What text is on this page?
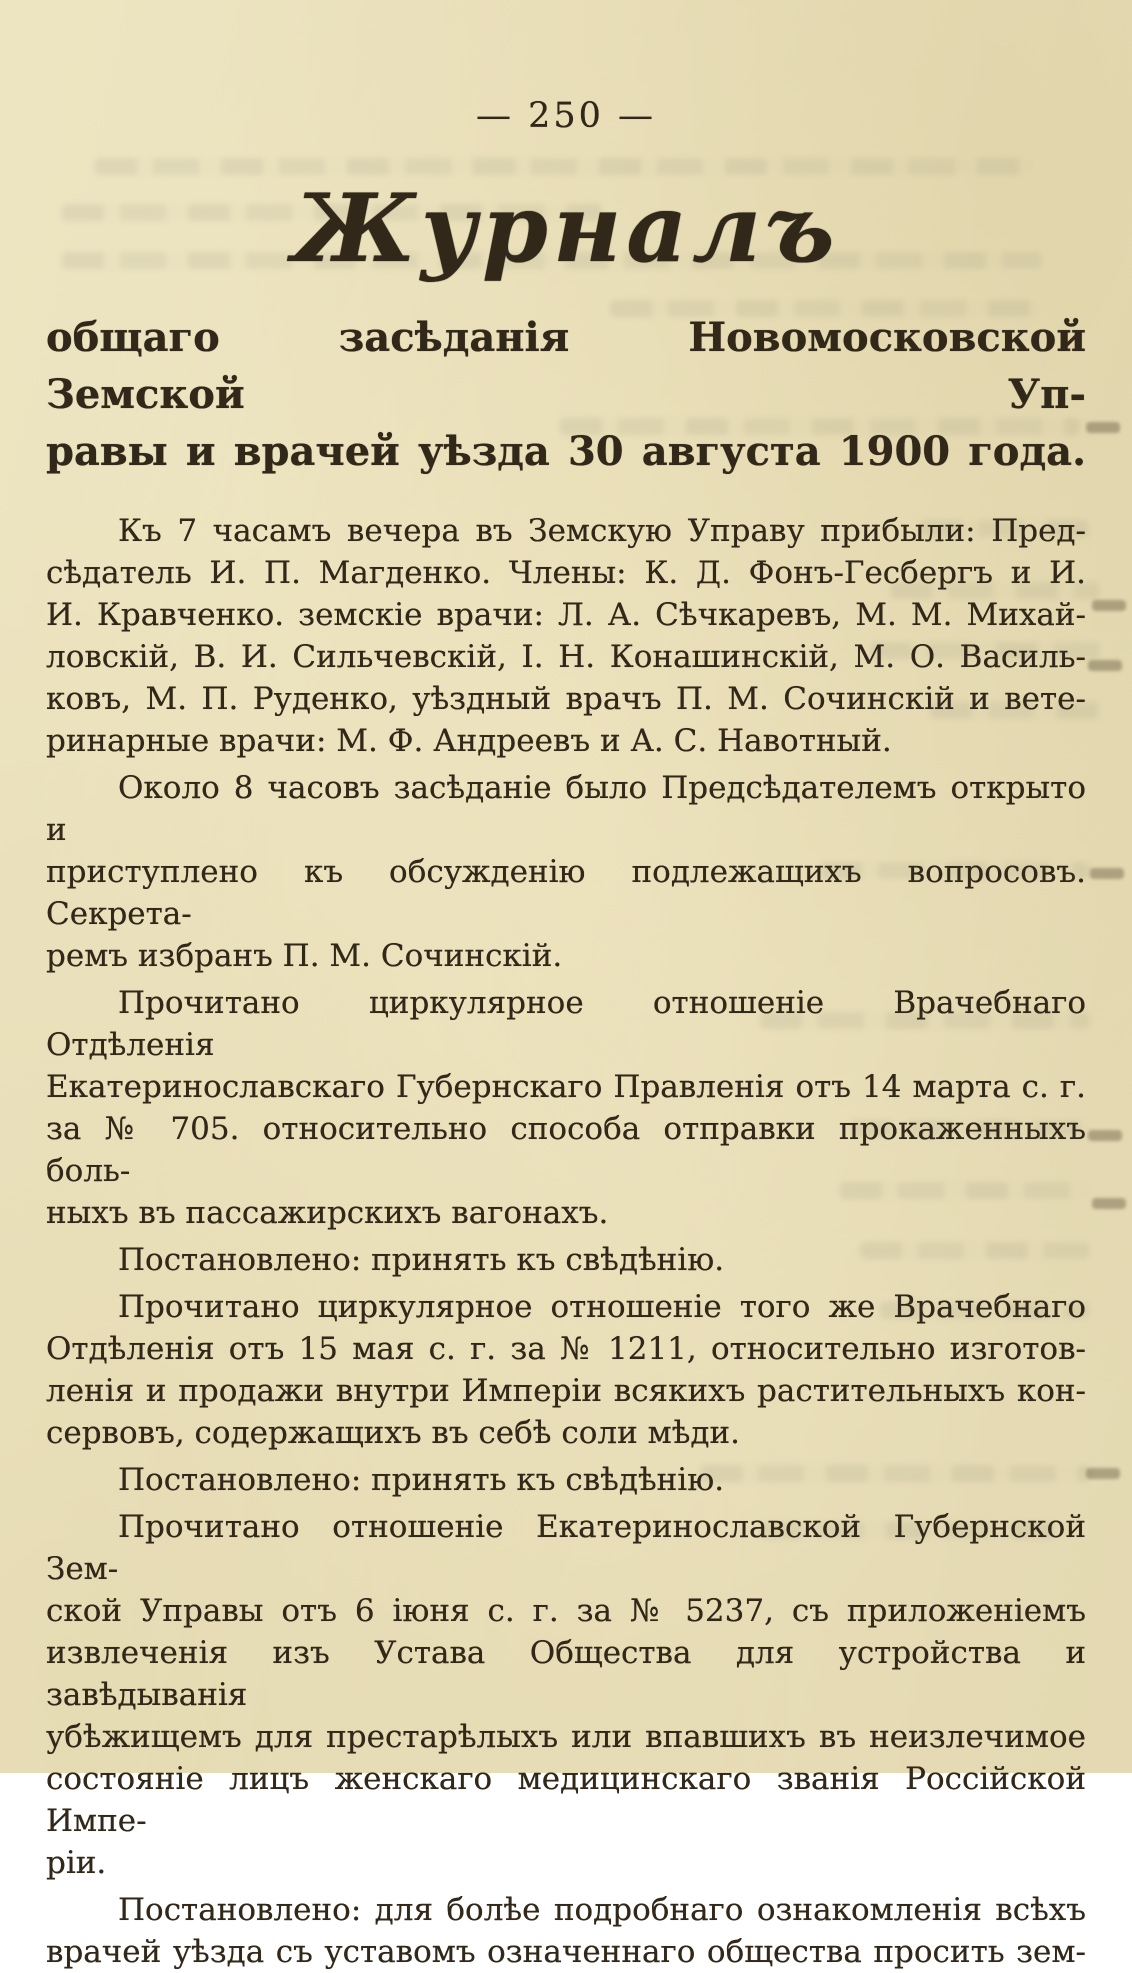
— 250 —
Журналъ
общаго засѣданія Новомосковской Земской Уп-
равы и врачей уѣзда 30 августа 1900 года.
Къ 7 часамъ вечера въ Земскую Управу прибыли: Пред-
сѣдатель И. П. Магденко. Члены: К. Д. Фонъ-Гесбергъ и И.
И. Кравченко. земскіе врачи: Л. А. Сѣчкаревъ, М. М. Михай-
ловскій, В. И. Сильчевскій, І. Н. Конашинскій, М. О. Василь-
ковъ, М. П. Руденко, уѣздный врачъ П. М. Сочинскій и вете-
ринарные врачи: М. Ф. Андреевъ и А. С. Навотный.
Около 8 часовъ засѣданіе было Предсѣдателемъ открыто и
приступлено къ обсужденію подлежащихъ вопросовъ. Секрета-
ремъ избранъ П. М. Сочинскій.
Прочитано циркулярное отношеніе Врачебнаго Отдѣленія
Екатеринославскаго Губернскаго Правленія отъ 14 марта с. г.
за № 705. относительно способа отправки прокаженныхъ боль-
ныхъ въ пассажирскихъ вагонахъ.
Постановлено: принять къ свѣдѣнію.
Прочитано циркулярное отношеніе того же Врачебнаго
Отдѣленія отъ 15 мая с. г. за № 1211, относительно изготов-
ленія и продажи внутри Имперіи всякихъ растительныхъ кон-
сервовъ, содержащихъ въ себѣ соли мѣди.
Постановлено: принять къ свѣдѣнію.
Прочитано отношеніе Екатеринославской Губернской Зем-
ской Управы отъ 6 іюня с. г. за № 5237, съ приложеніемъ
извлеченія изъ Устава Общества для устройства и завѣдыванія
убѣжищемъ для престарѣлыхъ или впавшихъ въ неизлечимое
состояніе лицъ женскаго медицинскаго званія Россійской Импе-
ріи.
Постановлено: для болѣе подробнаго ознакомленія всѣхъ
врачей уѣзда съ уставомъ означеннаго общества просить зем-
